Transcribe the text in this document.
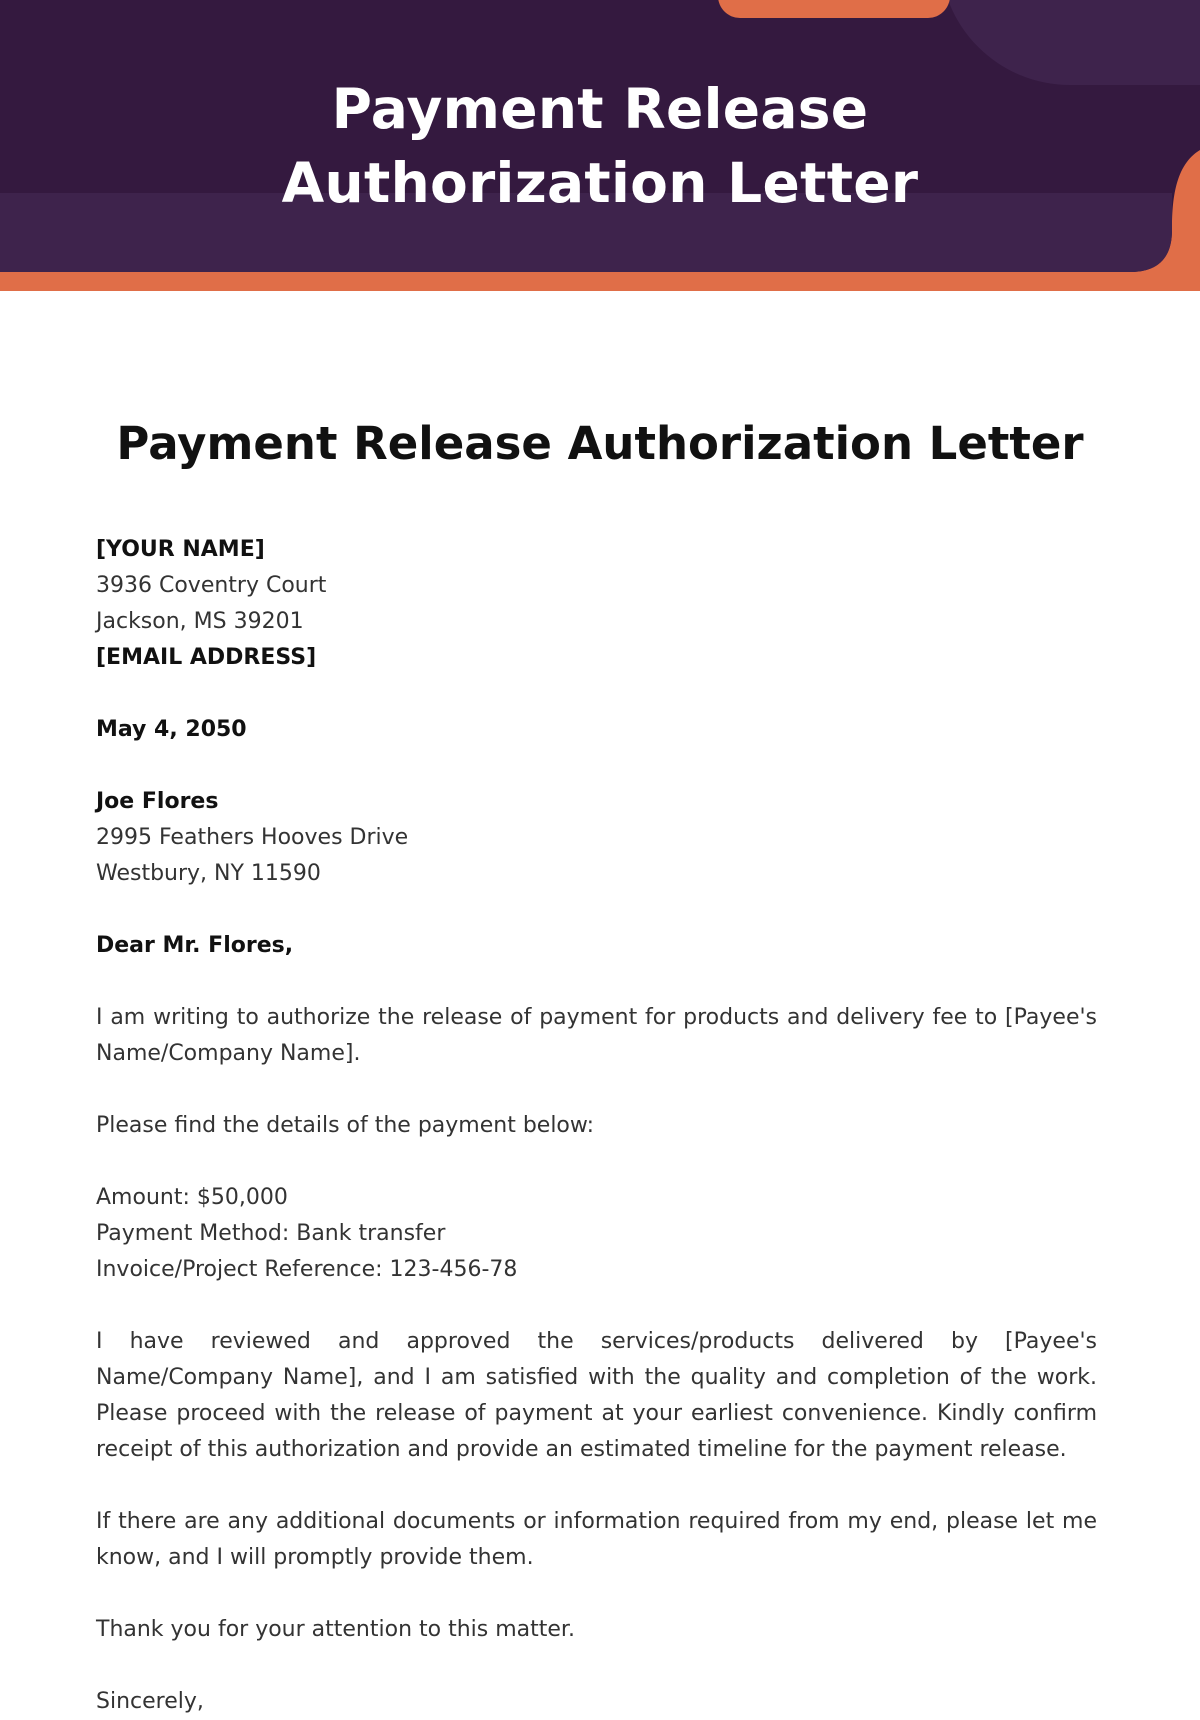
Payment Release
Authorization Letter
Payment Release Authorization Letter
[YOUR NAME]
3936 Coventry Court
Jackson, MS 39201
[EMAIL ADDRESS]
May 4, 2050
Joe Flores
2995 Feathers Hooves Drive
Westbury, NY 11590
Dear Mr. Flores,
I am writing to authorize the release of payment for products and delivery fee to [Payee's Name/Company Name].
Please find the details of the payment below:
Amount: $50,000
Payment Method: Bank transfer
Invoice/Project Reference: 123-456-78
I have reviewed and approved the services/products delivered by [Payee's Name/Company Name], and I am satisfied with the quality and completion of the work. Please proceed with the release of payment at your earliest convenience. Kindly confirm receipt of this authorization and provide an estimated timeline for the payment release.
If there are any additional documents or information required from my end, please let me know, and I will promptly provide them.
Thank you for your attention to this matter.
Sincerely,
